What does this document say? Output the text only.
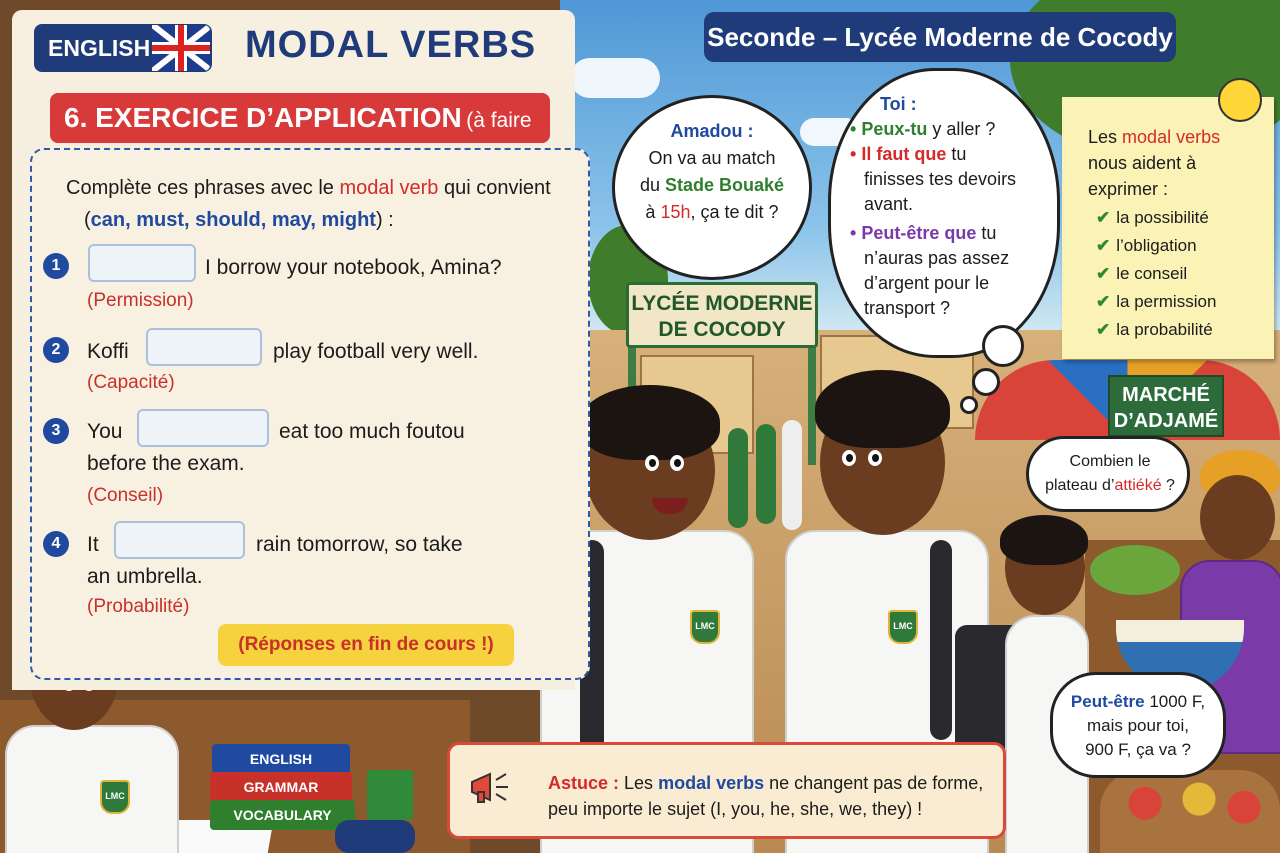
LYCÉE MODERNE
DE COCODY
MARCHÉ
D’ADJAMÉ
LMC	LMC
LMC
ENGLISH
GRAMMAR
VOCABULARY
ENGLISH	MODAL VERBS	Seconde – Lycée Moderne de Cocody
6. EXERCICE D’APPLICATION (à faire
Complète ces phrases avec le modal verb qui convient
(can, must, should, may, might) :
1	I borrow your notebook, Amina?
(Permission)
2	Koffi	play football very well.
(Capacité)
3	You	eat too much foutou
before the exam.
(Conseil)
4	It	rain tomorrow, so take
an umbrella.
(Probabilité)
(Réponses en fin de cours !)
Amadou :
On va au match
du Stade Bouaké
à 15h, ça te dit ?
Toi :
• Peux-tu y aller ?
• Il faut que tu
finisses tes devoirs
avant.
• Peut-être que tu
n’auras pas assez
d’argent pour le
transport ?
Les modal verbs
nous aident à
exprimer :
✔ la possibilité
✔ l’obligation
✔ le conseil
✔ la permission
✔ la probabilité
Combien le
plateau d’attiéké ?
Peut-être 1000 F,
mais pour toi,
900 F, ça va ?
Astuce : Les modal verbs ne changent pas de forme,
peu importe le sujet (I, you, he, she, we, they) !
